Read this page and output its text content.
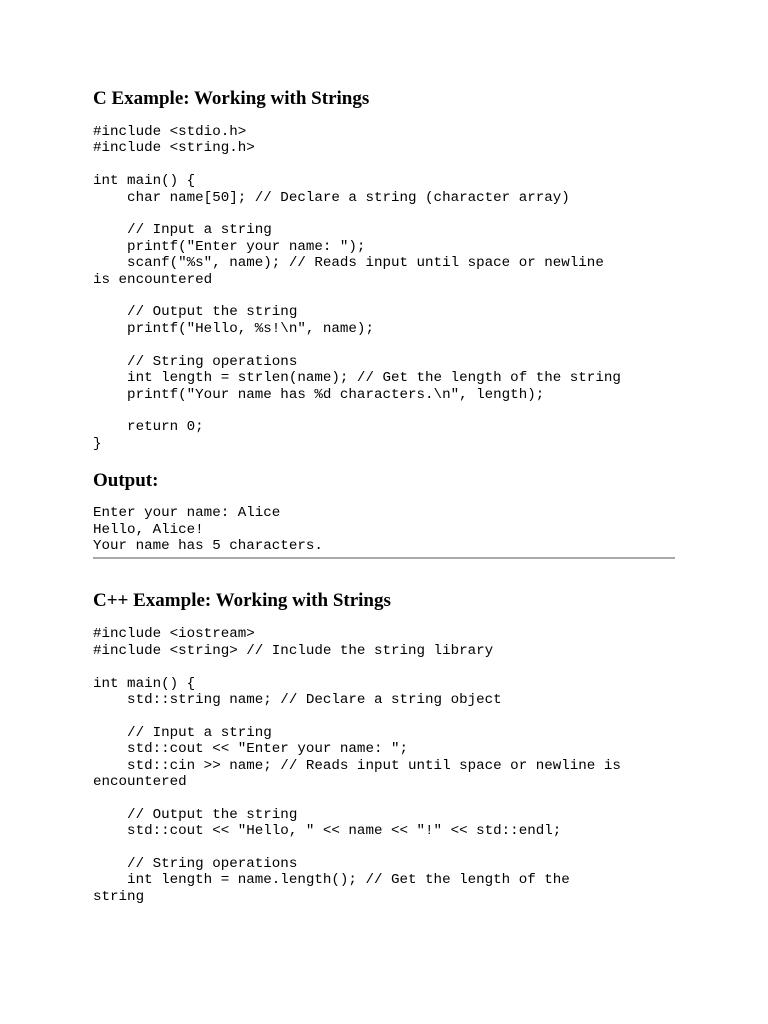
C Example: Working with Strings
#include <stdio.h>
#include <string.h>

int main() {
char name[50]; // Declare a string (character array)

// Input a string
printf("Enter your name: ");
scanf("%s", name); // Reads input until space or newline
is encountered

// Output the string
printf("Hello, %s!\n", name);

// String operations
int length = strlen(name); // Get the length of the string
printf("Your name has %d characters.\n", length);

return 0;
}
Output:
Enter your name: Alice
Hello, Alice!
Your name has 5 characters.
C++ Example: Working with Strings
#include <iostream>
#include <string> // Include the string library

int main() {
std::string name; // Declare a string object

// Input a string
std::cout << "Enter your name: ";
std::cin >> name; // Reads input until space or newline is
encountered

// Output the string
std::cout << "Hello, " << name << "!" << std::endl;

// String operations
int length = name.length(); // Get the length of the
string
